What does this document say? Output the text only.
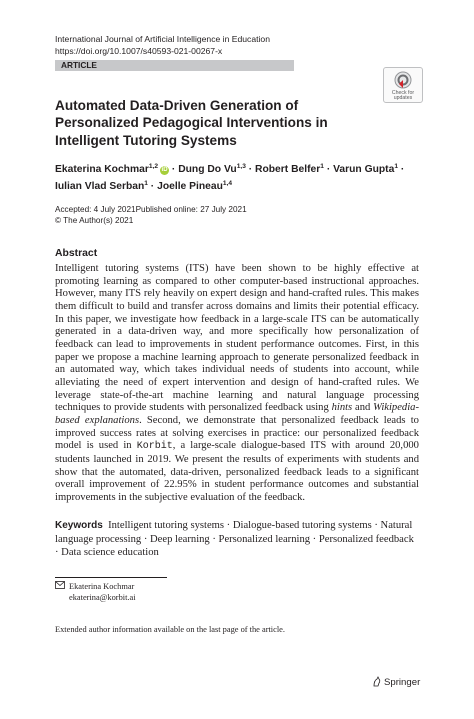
International Journal of Artificial Intelligence in Education
https://doi.org/10.1007/s40593-021-00267-x
ARTICLE
Check for
updates
Automated Data-Driven Generation of Personalized Pedagogical Interventions in Intelligent Tutoring Systems
Ekaterina Kochmar$^{1,2}$ iD · Dung Do Vu$^{1,3}$ · Robert Belfer$^1$ · Varun Gupta$^1$ ·
Iulian Vlad Serban$^1$ · Joelle Pineau$^{1,4}$
Accepted: 4 July 2021Published online: 27 July 2021
© The Author(s) 2021
Abstract
Intelligent tutoring systems (ITS) have been shown to be highly effective at promoting learning as compared to other computer-based instructional approaches. However, many ITS rely heavily on expert design and hand-crafted rules. This makes them difficult to build and transfer across domains and limits their potential efficacy. In this paper, we investigate how feedback in a large-scale ITS can be automatically generated in a data-driven way, and more specifically how personalization of feedback can lead to improvements in student performance outcomes. First, in this paper we propose a machine learning approach to generate personalized feedback in an automated way, which takes individual needs of students into account, while alleviating the need of expert intervention and design of hand-crafted rules. We leverage state-of-the-art machine learning and natural language processing techniques to provide students with personalized feedback using hints and Wikipedia-based explanations. Second, we demonstrate that personalized feedback leads to improved success rates at solving exercises in practice: our personalized feedback model is used in Korbit, a large-scale dialogue-based ITS with around 20,000 students launched in 2019. We present the results of experiments with students and show that the automated, data-driven, personalized feedback leads to a significant overall improvement of 22.95% in student performance outcomes and substantial improvements in the subjective evaluation of the feedback.
Keywords Intelligent tutoring systems · Dialogue-based tutoring systems · Natural language processing · Deep learning · Personalized learning · Personalized feedback · Data science education
Ekaterina Kochmar
ekaterina@korbit.ai
Extended author information available on the last page of the article.
Springer
